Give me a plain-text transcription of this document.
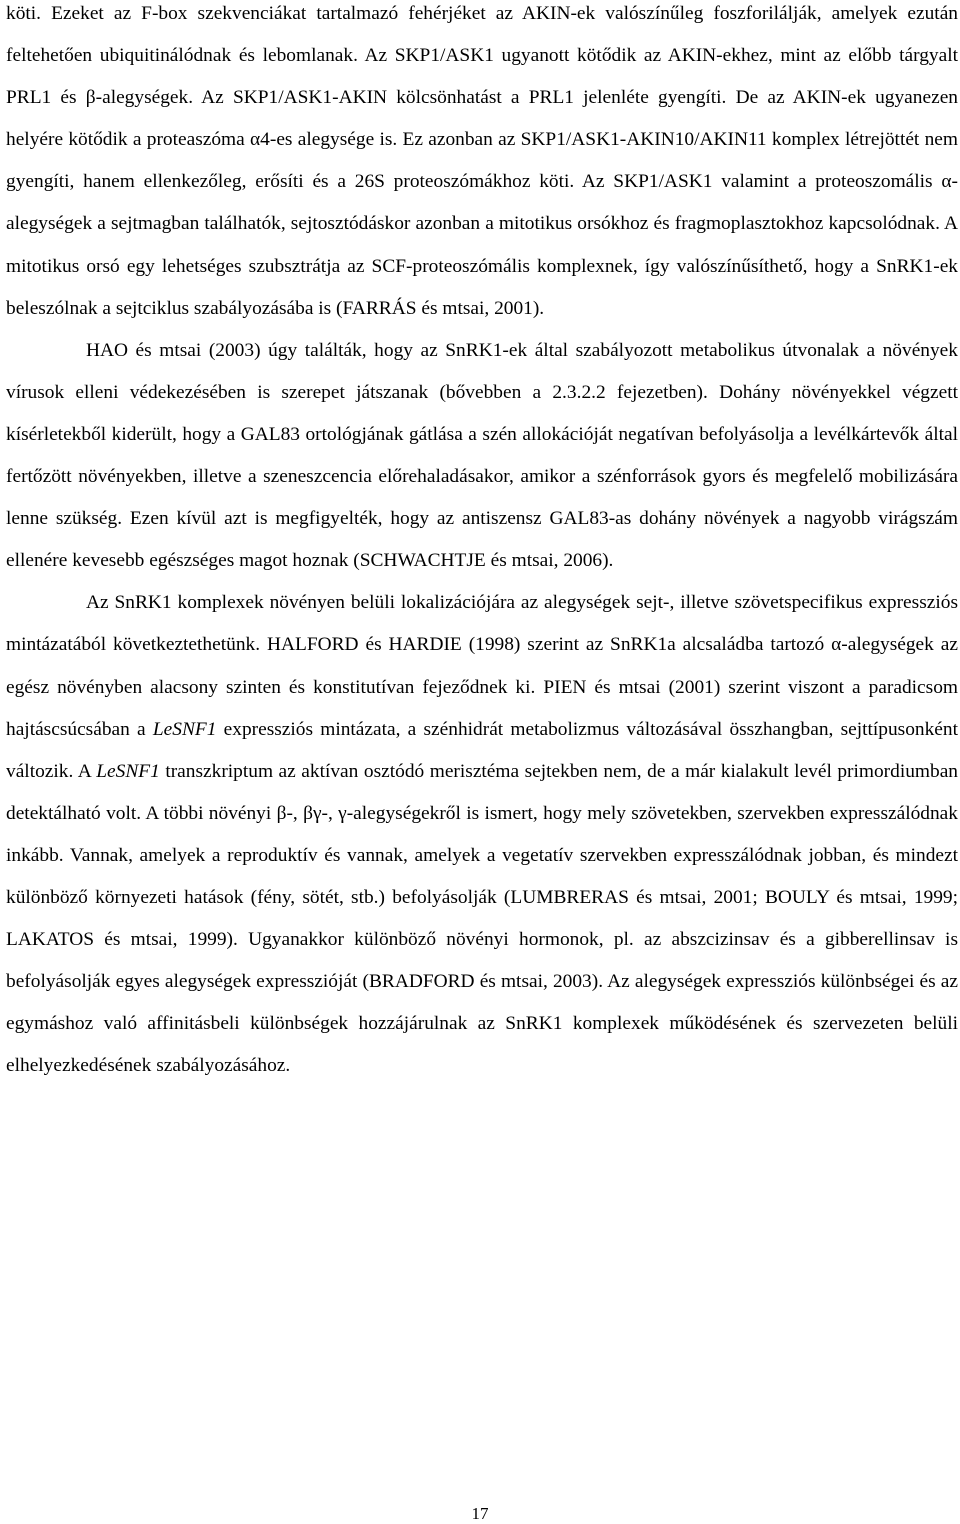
köti. Ezeket az F-box szekvenciákat tartalmazó fehérjéket az AKIN-ek valószínűleg foszforilálják, amelyek ezután feltehetően ubiquitinálódnak és lebomlanak. Az SKP1/ASK1 ugyanott kötődik az AKIN-ekhez, mint az előbb tárgyalt PRL1 és β-alegységek. Az SKP1/ASK1-AKIN kölcsönhatást a PRL1 jelenléte gyengíti. De az AKIN-ek ugyanezen helyére kötődik a proteaszóma α4-es alegysége is. Ez azonban az SKP1/ASK1-AKIN10/AKIN11 komplex létrejöttét nem gyengíti, hanem ellenkezőleg, erősíti és a 26S proteoszómákhoz köti. Az SKP1/ASK1 valamint a proteoszomális α-alegységek a sejtmagban találhatók, sejtosztódáskor azonban a mitotikus orsókhoz és fragmoplasztokhoz kapcsolódnak. A mitotikus orsó egy lehetséges szubsztrátja az SCF-proteoszómális komplexnek, így valószínűsíthető, hogy a SnRK1-ek beleszólnak a sejtciklus szabályozásába is (FARRÁS és mtsai, 2001).

HAO és mtsai (2003) úgy találták, hogy az SnRK1-ek által szabályozott metabolikus útvonalak a növények vírusok elleni védekezésében is szerepet játszanak (bővebben a 2.3.2.2 fejezetben). Dohány növényekkel végzett kísérletekből kiderült, hogy a GAL83 ortológjának gátlása a szén allokációját negatívan befolyásolja a levélkártevők által fertőzött növényekben, illetve a szeneszcencia előrehaladásakor, amikor a szénforrások gyors és megfelelő mobilizására lenne szükség. Ezen kívül azt is megfigyelték, hogy az antiszensz GAL83-as dohány növények a nagyobb virágszám ellenére kevesebb egészséges magot hoznak (SCHWACHTJE és mtsai, 2006).

Az SnRK1 komplexek növényen belüli lokalizációjára az alegységek sejt-, illetve szövetspecifikus expressziós mintázatából következtethetünk. HALFORD és HARDIE (1998) szerint az SnRK1a alcsaládba tartozó α-alegységek az egész növényben alacsony szinten és konstitutívan fejeződnek ki. PIEN és mtsai (2001) szerint viszont a paradicsom hajtáscsúcsában a LeSNF1 expressziós mintázata, a szénhidrát metabolizmus változásával összhangban, sejttípusonként változik. A LeSNF1 transzkriptum az aktívan osztódó merisztéma sejtekben nem, de a már kialakult levél primordiumban detektálható volt. A többi növényi β-, βγ-, γ-alegységekről is ismert, hogy mely szövetekben, szervekben expresszálódnak inkább. Vannak, amelyek a reproduktív és vannak, amelyek a vegetatív szervekben expresszálódnak jobban, és mindezt különböző környezeti hatások (fény, sötét, stb.) befolyásolják (LUMBRERAS és mtsai, 2001; BOULY és mtsai, 1999; LAKATOS és mtsai, 1999). Ugyanakkor különböző növényi hormonok, pl. az abszcizinsav és a gibberellinsav is befolyásolják egyes alegységek expresszióját (BRADFORD és mtsai, 2003). Az alegységek expressziós különbségei és az egymáshoz való affinitásbeli különbségek hozzájárulnak az SnRK1 komplexek működésének és szervezeten belüli elhelyezkedésének szabályozásához.

17
